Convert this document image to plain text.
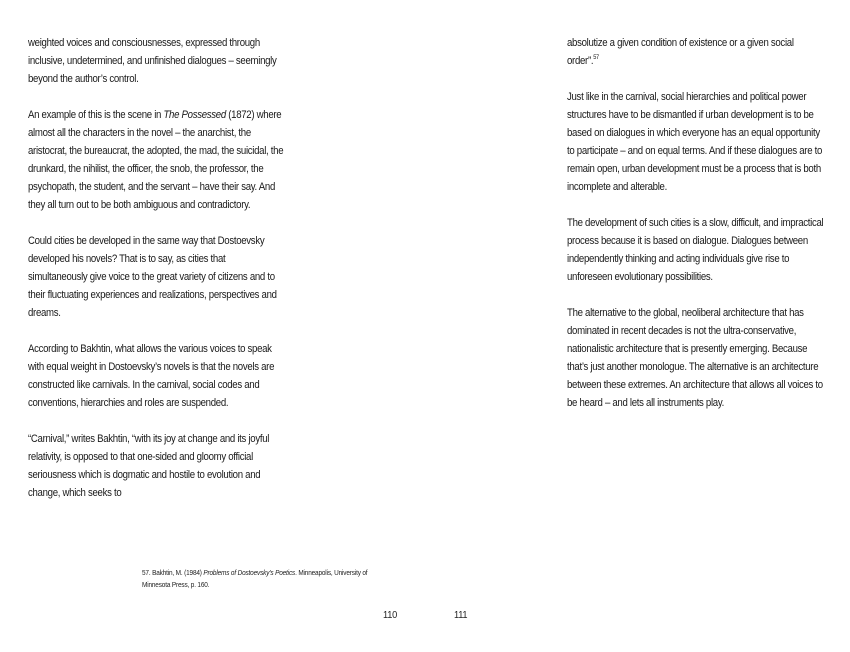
weighted voices and consciousnesses, expressed through inclusive, undetermined, and unfinished dialogues – seemingly beyond the author’s control.

An example of this is the scene in The Possessed (1872) where almost all the characters in the novel – the anarchist, the aristocrat, the bureaucrat, the adopted, the mad, the suicidal, the drunkard, the nihilist, the officer, the snob, the professor, the psychopath, the student, and the servant – have their say. And they all turn out to be both ambiguous and contradictory.

Could cities be developed in the same way that Dostoevsky developed his novels? That is to say, as cities that simultaneously give voice to the great variety of citizens and to their fluctuating experiences and realizations, perspectives and dreams.

According to Bakhtin, what allows the various voices to speak with equal weight in Dostoevsky’s novels is that the novels are constructed like carnivals. In the carnival, social codes and conventions, hierarchies and roles are suspended.

“Carnival,” writes Bakhtin, “with its joy at change and its joyful relativity, is opposed to that one-sided and gloomy official seriousness which is dogmatic and hostile to evolution and change, which seeks to

57. Bakhtin, M. (1984) Problems of Dostoevsky’s Poetics. Minneapolis, University of Minnesota Press, p. 160.
110

absolutize a given condition of existence or a given social order”.$^{57}$

Just like in the carnival, social hierarchies and political power structures have to be dismantled if urban development is to be based on dialogues in which everyone has an equal opportunity to participate – and on equal terms. And if these dialogues are to remain open, urban development must be a process that is both incomplete and alterable.

The development of such cities is a slow, difficult, and impractical process because it is based on dialogue. Dialogues between independently thinking and acting individuals give rise to unforeseen evolutionary possibilities.

The alternative to the global, neoliberal architecture that has dominated in recent decades is not the ultra-conservative, nationalistic architecture that is presently emerging. Because that’s just another monologue. The alternative is an architecture between these extremes. An architecture that allows all voices to be heard – and lets all instruments play.

111
